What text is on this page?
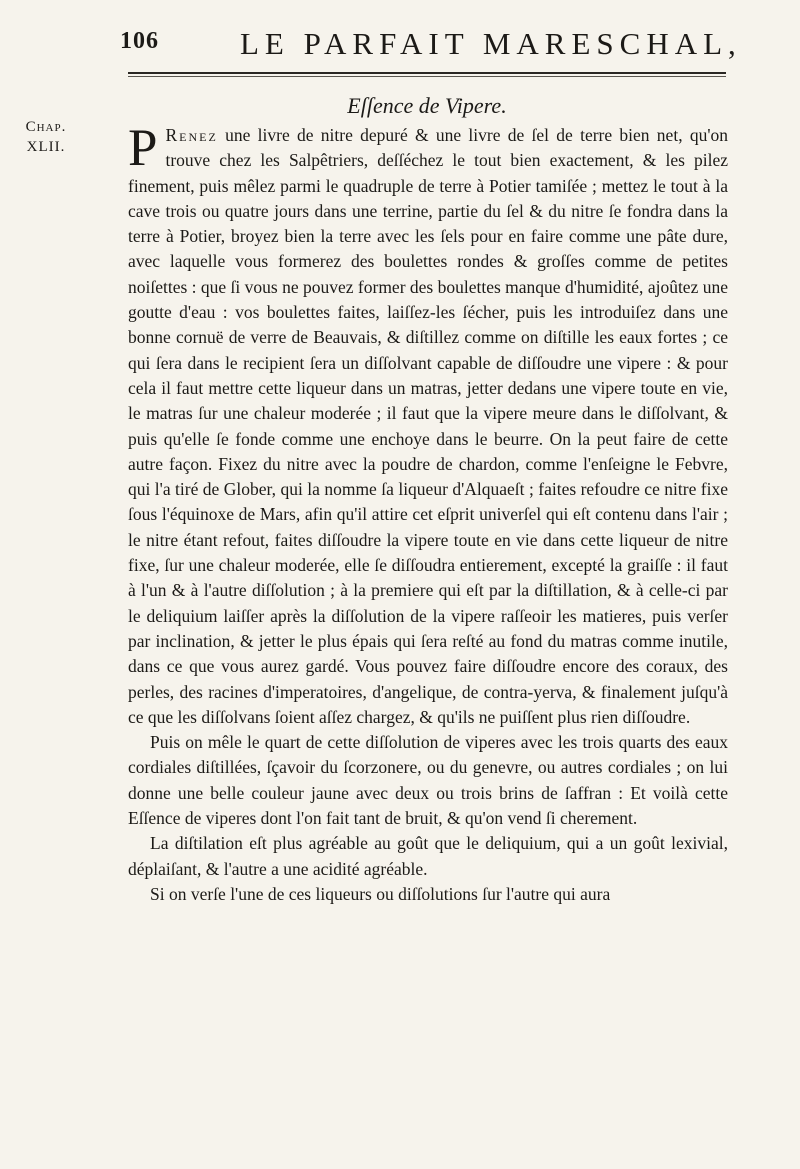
106	LE PARFAIT MARESCHAL,
Chap.
XLII.
Eſſence de Vipere.

P Renez une livre de nitre depuré & une livre de ſel de terre bien net, qu'on trouve chez les Salpêtriers, deſſéchez le tout bien exactement, & les pilez finement, puis mêlez parmi le quadruple de terre à Potier tamiſée ; mettez le tout à la cave trois ou quatre jours dans une terrine, partie du ſel & du nitre ſe fondra dans la terre à Potier, broyez bien la terre avec les ſels pour en faire comme une pâte dure, avec laquelle vous formerez des boulettes rondes & groſſes comme de petites noiſettes : que ſi vous ne pouvez former des boulettes manque d'humidité, ajoûtez une goutte d'eau : vos boulettes faites, laiſſez-les ſécher, puis les introduiſez dans une bonne cornuë de verre de Beauvais, & diſtillez comme on diſtille les eaux fortes ; ce qui ſera dans le recipient ſera un diſſolvant capable de diſſoudre une vipere : & pour cela il faut mettre cette liqueur dans un matras, jetter dedans une vipere toute en vie, le matras ſur une chaleur moderée ; il faut que la vipere meure dans le diſſolvant, & puis qu'elle ſe fonde comme une enchoye dans le beurre. On la peut faire de cette autre façon. Fixez du nitre avec la poudre de chardon, comme l'enſeigne le Febvre, qui l'a tiré de Glober, qui la nomme ſa liqueur d'Alquaeſt ; faites refoudre ce nitre fixe ſous l'équinoxe de Mars, afin qu'il attire cet eſprit univerſel qui eſt contenu dans l'air ; le nitre étant refout, faites diſſoudre la vipere toute en vie dans cette liqueur de nitre fixe, ſur une chaleur moderée, elle ſe diſſoudra entierement, excepté la graiſſe : il faut à l'un & à l'autre diſſolution ; à la premiere qui eſt par la diſtillation, & à celle-ci par le deliquium laiſſer après la diſſolution de la vipere raſſeoir les matieres, puis verſer par inclination, & jetter le plus épais qui ſera reſté au fond du matras comme inutile, dans ce que vous aurez gardé. Vous pouvez faire diſſoudre encore des coraux, des perles, des racines d'imperatoires, d'angelique, de contra-yerva, & finalement juſqu'à ce que les diſſolvans ſoient aſſez chargez, & qu'ils ne puiſſent plus rien diſſoudre.

Puis on mêle le quart de cette diſſolution de viperes avec les trois quarts des eaux cordiales diſtillées, ſçavoir du ſcorzonere, ou du genevre, ou autres cordiales ; on lui donne une belle couleur jaune avec deux ou trois brins de ſaffran : Et voilà cette Eſſence de viperes dont l'on fait tant de bruit, & qu'on vend ſi cherement.

La diſtilation eſt plus agréable au goût que le deliquium, qui a un goût lexivial, déplaiſant, & l'autre a une acidité agréable.

Si on verſe l'une de ces liqueurs ou diſſolutions ſur l'autre qui aura
